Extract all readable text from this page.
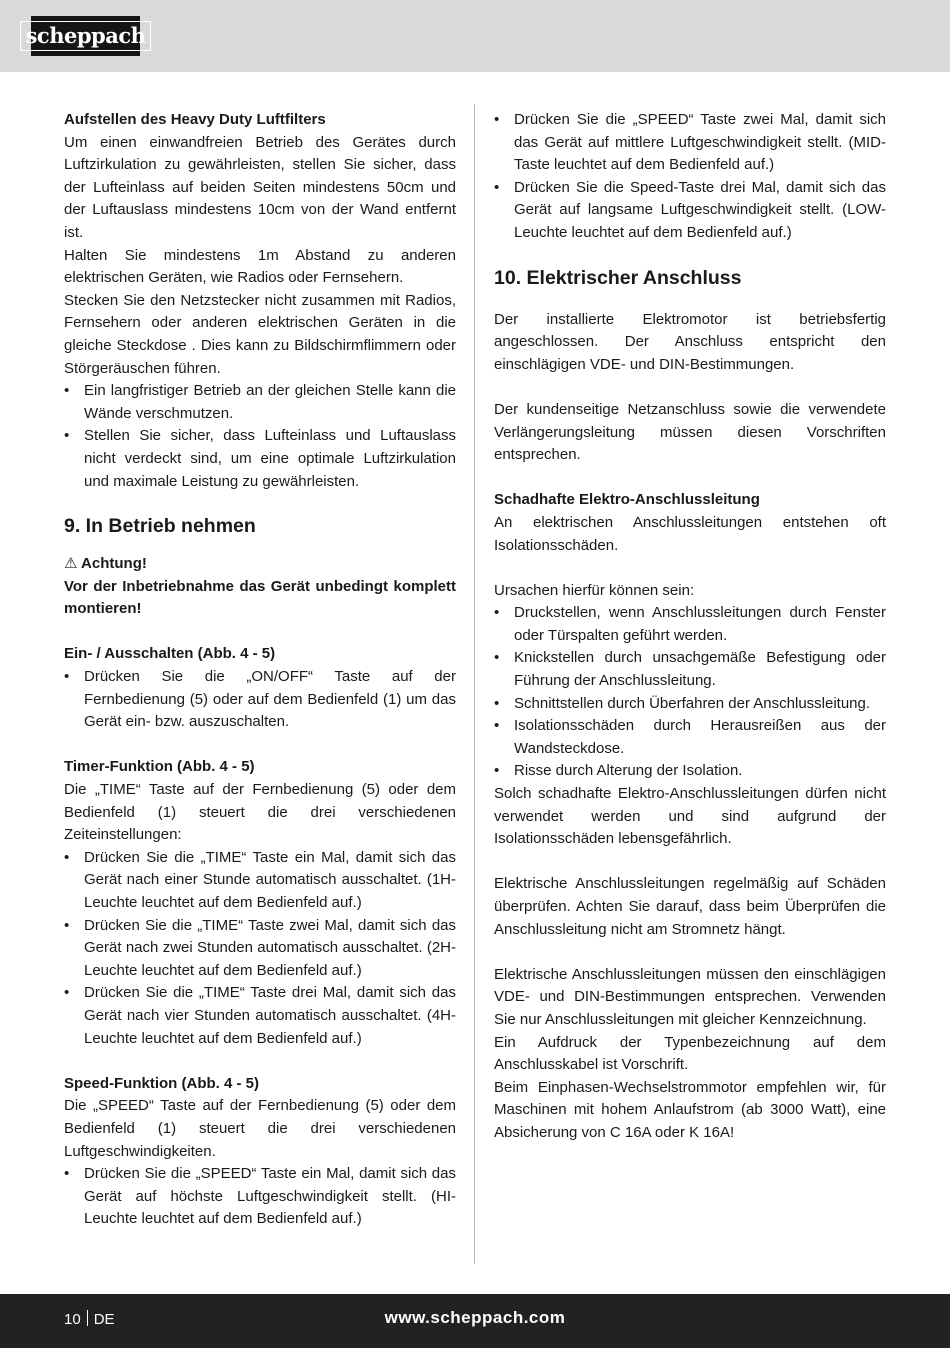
scheppach

Aufstellen des Heavy Duty Luftfilters

Um einen einwandfreien Betrieb des Gerätes durch Luftzirkulation zu gewährleisten, stellen Sie sicher, dass der Lufteinlass auf beiden Seiten mindestens 50cm und der Luftauslass mindestens 10cm von der Wand entfernt ist.

Halten Sie mindestens 1m Abstand zu anderen elektrischen Geräten, wie Radios oder Fernsehern.

Stecken Sie den Netzstecker nicht zusammen mit Radios, Fernsehern oder anderen elektrischen Geräten in die gleiche Steckdose . Dies kann zu Bildschirmflimmern oder Störgeräuschen führen.

• Ein langfristiger Betrieb an der gleichen Stelle kann die Wände verschmutzen.
• Stellen Sie sicher, dass Lufteinlass und Luftauslass nicht verdeckt sind, um eine optimale Luftzirkulation und maximale Leistung zu gewährleisten.
9. In Betrieb nehmen

⚠ Achtung!

Vor der Inbetriebnahme das Gerät unbedingt komplett montieren!

Ein- / Ausschalten (Abb. 4 - 5)

• Drücken Sie die „ON/OFF“ Taste auf der Fernbedienung (5) oder auf dem Bedienfeld (1) um das Gerät ein- bzw. auszuschalten.

Timer-Funktion (Abb. 4 - 5)

Die „TIME“ Taste auf der Fernbedienung (5) oder dem Bedienfeld (1) steuert die drei verschiedenen Zeiteinstellungen:

• Drücken Sie die „TIME“ Taste ein Mal, damit sich das Gerät nach einer Stunde automatisch ausschaltet. (1H-Leuchte leuchtet auf dem Bedienfeld auf.)
• Drücken Sie die „TIME“ Taste zwei Mal, damit sich das Gerät nach zwei Stunden automatisch ausschaltet. (2H-Leuchte leuchtet auf dem Bedienfeld auf.)
• Drücken Sie die „TIME“ Taste drei Mal, damit sich das Gerät nach vier Stunden automatisch ausschaltet. (4H-Leuchte leuchtet auf dem Bedienfeld auf.)

Speed-Funktion (Abb. 4 - 5)

Die „SPEED“ Taste auf der Fernbedienung (5) oder dem Bedienfeld (1) steuert die drei verschiedenen Luftgeschwindigkeiten.

• Drücken Sie die „SPEED“ Taste ein Mal, damit sich das Gerät auf höchste Luftgeschwindigkeit stellt. (HI-Leuchte leuchtet auf dem Bedienfeld auf.)
• Drücken Sie die „SPEED“ Taste zwei Mal, damit sich das Gerät auf mittlere Luftgeschwindigkeit stellt. (MID-Taste leuchtet auf dem Bedienfeld auf.)
• Drücken Sie die Speed-Taste drei Mal, damit sich das Gerät auf langsame Luftgeschwindigkeit stellt. (LOW-Leuchte leuchtet auf dem Bedienfeld auf.)
10. Elektrischer Anschluss

Der installierte Elektromotor ist betriebsfertig angeschlossen. Der Anschluss entspricht den einschlägigen VDE- und DIN-Bestimmungen.

Der kundenseitige Netzanschluss sowie die verwendete Verlängerungsleitung müssen diesen Vorschriften entsprechen.

Schadhafte Elektro-Anschlussleitung

An elektrischen Anschlussleitungen entstehen oft Isolationsschäden.

Ursachen hierfür können sein:

• Druckstellen, wenn Anschlussleitungen durch Fenster oder Türspalten geführt werden.
• Knickstellen durch unsachgemäße Befestigung oder Führung der Anschlussleitung.
• Schnittstellen durch Überfahren der Anschlussleitung.
• Isolationsschäden durch Herausreißen aus der Wandsteckdose.
• Risse durch Alterung der Isolation.

Solch schadhafte Elektro-Anschlussleitungen dürfen nicht verwendet werden und sind aufgrund der Isolationsschäden lebensgefährlich.

Elektrische Anschlussleitungen regelmäßig auf Schäden überprüfen. Achten Sie darauf, dass beim Überprüfen die Anschlussleitung nicht am Stromnetz hängt.

Elektrische Anschlussleitungen müssen den einschlägigen VDE- und DIN-Bestimmungen entsprechen. Verwenden Sie nur Anschlussleitungen mit gleicher Kennzeichnung.

Ein Aufdruck der Typenbezeichnung auf dem Anschlusskabel ist Vorschrift.

Beim Einphasen-Wechselstrommotor empfehlen wir, für Maschinen mit hohem Anlaufstrom (ab 3000 Watt), eine Absicherung von C 16A oder K 16A!

10 DE	www.scheppach.com
